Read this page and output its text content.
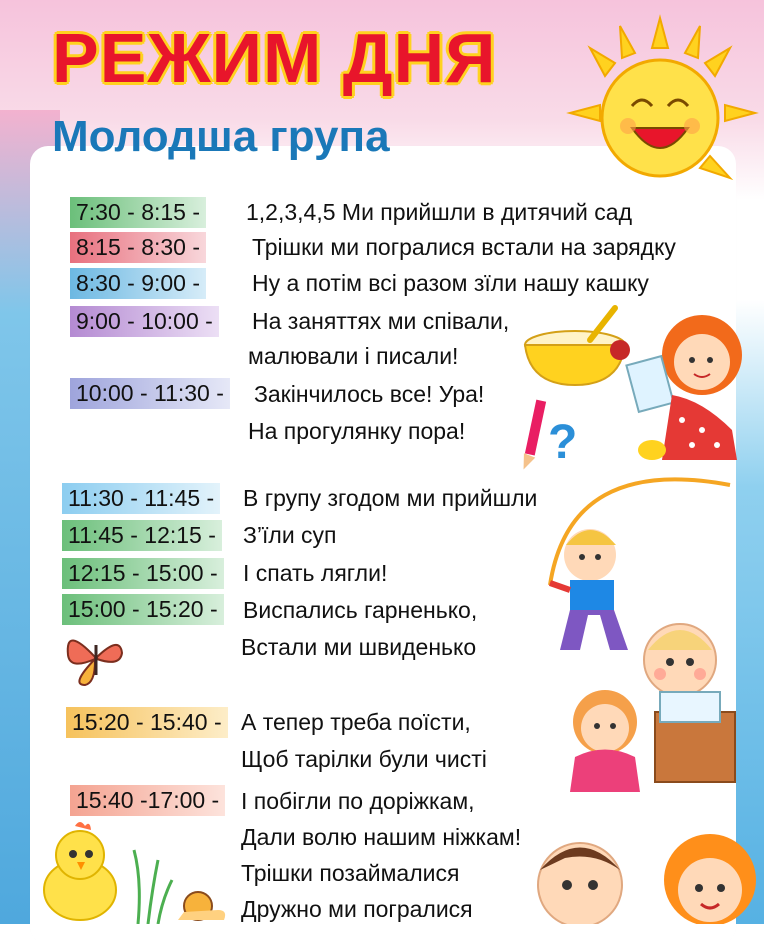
РЕЖИМ ДНЯ
Молодша група
7:30 - 8:15 - 1,2,3,4,5 Ми прийшли в дитячий сад
8:15 - 8:30 - Трішки ми погралися встали на зарядку
8:30 - 9:00 - Ну а потім всі разом зїли нашу кашку
9:00 - 10:00 - На заняттях ми співали,
малювали і писали!
10:00 - 11:30 - Закінчилось все! Ура!
На прогулянку пора!
11:30 - 11:45 - В групу згодом ми прийшли
11:45 - 12:15 - З’їли суп
12:15 - 15:00 - І спать лягли!
15:00 - 15:20 - Виспались гарненько,
Встали ми швиденько
15:20 - 15:40 - А тепер треба поїсти,
Щоб тарілки були чисті
15:40 -17:00 - І побігли по доріжкам,
Дали волю нашим ніжкам!
Трішки позаймалися
Дружно ми погралися
?
